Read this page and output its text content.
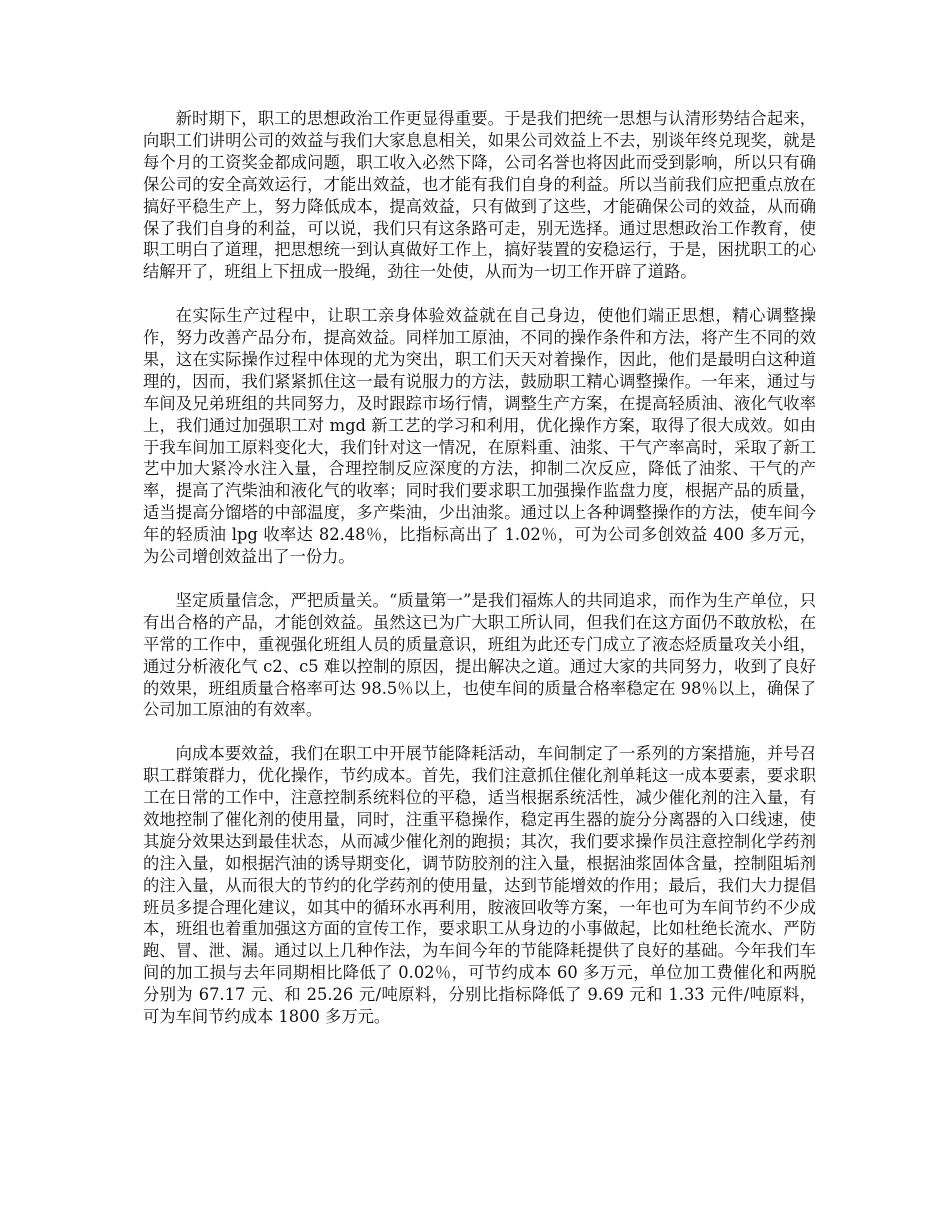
新时期下，职工的思想政治工作更显得重要。于是我们把统一思想与认清形势结合起来，向职工们讲明公司的效益与我们大家息息相关，如果公司效益上不去，别谈年终兑现奖，就是每个月的工资奖金都成问题，职工收入必然下降，公司名誉也将因此而受到影响，所以只有确保公司的安全高效运行，才能出效益，也才能有我们自身的利益。所以当前我们应把重点放在搞好平稳生产上，努力降低成本，提高效益，只有做到了这些，才能确保公司的效益，从而确保了我们自身的利益，可以说，我们只有这条路可走，别无选择。通过思想政治工作教育，使职工明白了道理，把思想统一到认真做好工作上，搞好装置的安稳运行，于是，困扰职工的心结解开了，班组上下扭成一股绳，劲往一处使，从而为一切工作开辟了道路。

在实际生产过程中，让职工亲身体验效益就在自己身边，使他们端正思想，精心调整操作，努力改善产品分布，提高效益。同样加工原油，不同的操作条件和方法，将产生不同的效果，这在实际操作过程中体现的尤为突出，职工们天天对着操作，因此，他们是最明白这种道理的，因而，我们紧紧抓住这一最有说服力的方法，鼓励职工精心调整操作。一年来，通过与车间及兄弟班组的共同努力，及时跟踪市场行情，调整生产方案，在提高轻质油、液化气收率上，我们通过加强职工对 mgd 新工艺的学习和利用，优化操作方案，取得了很大成效。如由于我车间加工原料变化大，我们针对这一情况，在原料重、油浆、干气产率高时，采取了新工艺中加大紧冷水注入量，合理控制反应深度的方法，抑制二次反应，降低了油浆、干气的产率，提高了汽柴油和液化气的收率；同时我们要求职工加强操作监盘力度，根据产品的质量，适当提高分馏塔的中部温度，多产柴油，少出油浆。通过以上各种调整操作的方法，使车间今年的轻质油 lpg 收率达 82.48％，比指标高出了 1.02％，可为公司多创效益 400 多万元，为公司增创效益出了一份力。

坚定质量信念，严把质量关。“质量第一”是我们福炼人的共同追求，而作为生产单位，只有出合格的产品，才能创效益。虽然这已为广大职工所认同，但我们在这方面仍不敢放松，在平常的工作中，重视强化班组人员的质量意识，班组为此还专门成立了液态烃质量攻关小组，通过分析液化气 c2、c5 难以控制的原因，提出解决之道。通过大家的共同努力，收到了良好的效果，班组质量合格率可达 98.5％以上，也使车间的质量合格率稳定在 98％以上，确保了公司加工原油的有效率。

向成本要效益，我们在职工中开展节能降耗活动，车间制定了一系列的方案措施，并号召职工群策群力，优化操作，节约成本。首先，我们注意抓住催化剂单耗这一成本要素，要求职工在日常的工作中，注意控制系统料位的平稳，适当根据系统活性，减少催化剂的注入量，有效地控制了催化剂的使用量，同时，注重平稳操作，稳定再生器的旋分分离器的入口线速，使其旋分效果达到最佳状态，从而减少催化剂的跑损；其次，我们要求操作员注意控制化学药剂的注入量，如根据汽油的诱导期变化，调节防胶剂的注入量，根据油浆固体含量，控制阻垢剂的注入量，从而很大的节约的化学药剂的使用量，达到节能增效的作用；最后，我们大力提倡班员多提合理化建议，如其中的循环水再利用，胺液回收等方案，一年也可为车间节约不少成本，班组也着重加强这方面的宣传工作，要求职工从身边的小事做起，比如杜绝长流水、严防跑、冒、泄、漏。通过以上几种作法，为车间今年的节能降耗提供了良好的基础。今年我们车间的加工损与去年同期相比降低了 0.02％，可节约成本 60 多万元，单位加工费催化和两脱分别为 67.17 元、和 25.26 元/吨原料，分别比指标降低了 9.69 元和 1.33 元件/吨原料，可为车间节约成本 1800 多万元。
